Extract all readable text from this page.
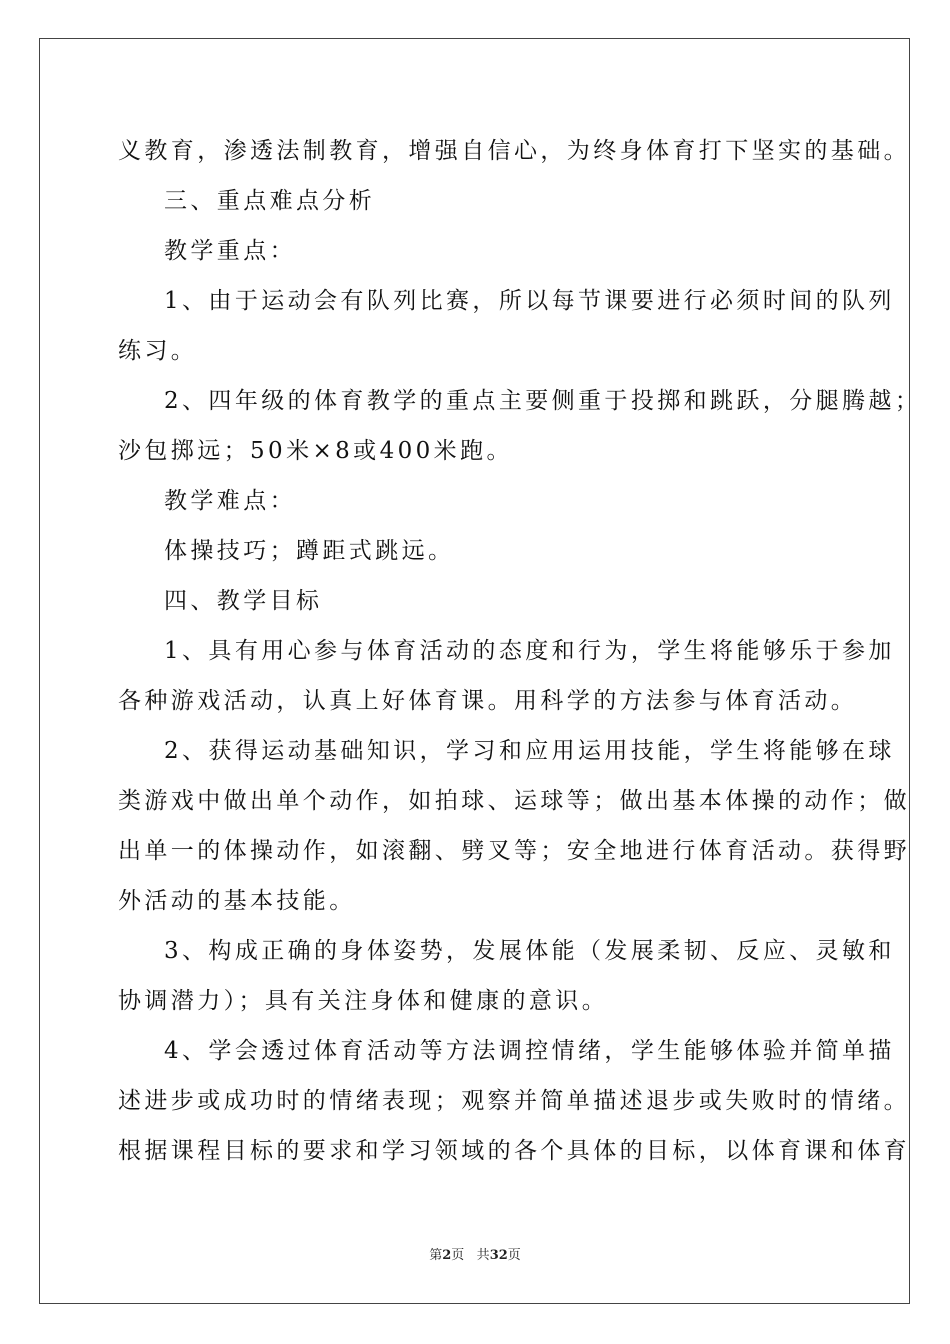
义教育，渗透法制教育，增强自信心，为终身体育打下坚实的基础。
三、重点难点分析
教学重点：
1、由于运动会有队列比赛，所以每节课要进行必须时间的队列
练习。
2、四年级的体育教学的重点主要侧重于投掷和跳跃，分腿腾越；
沙包掷远；50米×8或400米跑。
教学难点：
体操技巧；蹲距式跳远。
四、教学目标
1、具有用心参与体育活动的态度和行为，学生将能够乐于参加
各种游戏活动，认真上好体育课。用科学的方法参与体育活动。
2、获得运动基础知识，学习和应用运用技能，学生将能够在球
类游戏中做出单个动作，如拍球、运球等；做出基本体操的动作；做
出单一的体操动作，如滚翻、劈叉等；安全地进行体育活动。获得野
外活动的基本技能。
3、构成正确的身体姿势，发展体能（发展柔韧、反应、灵敏和
协调潜力）；具有关注身体和健康的意识。
4、学会透过体育活动等方法调控情绪，学生能够体验并简单描
述进步或成功时的情绪表现；观察并简单描述退步或失败时的情绪。
根据课程目标的要求和学习领域的各个具体的目标，以体育课和体育
第2页 共32页
